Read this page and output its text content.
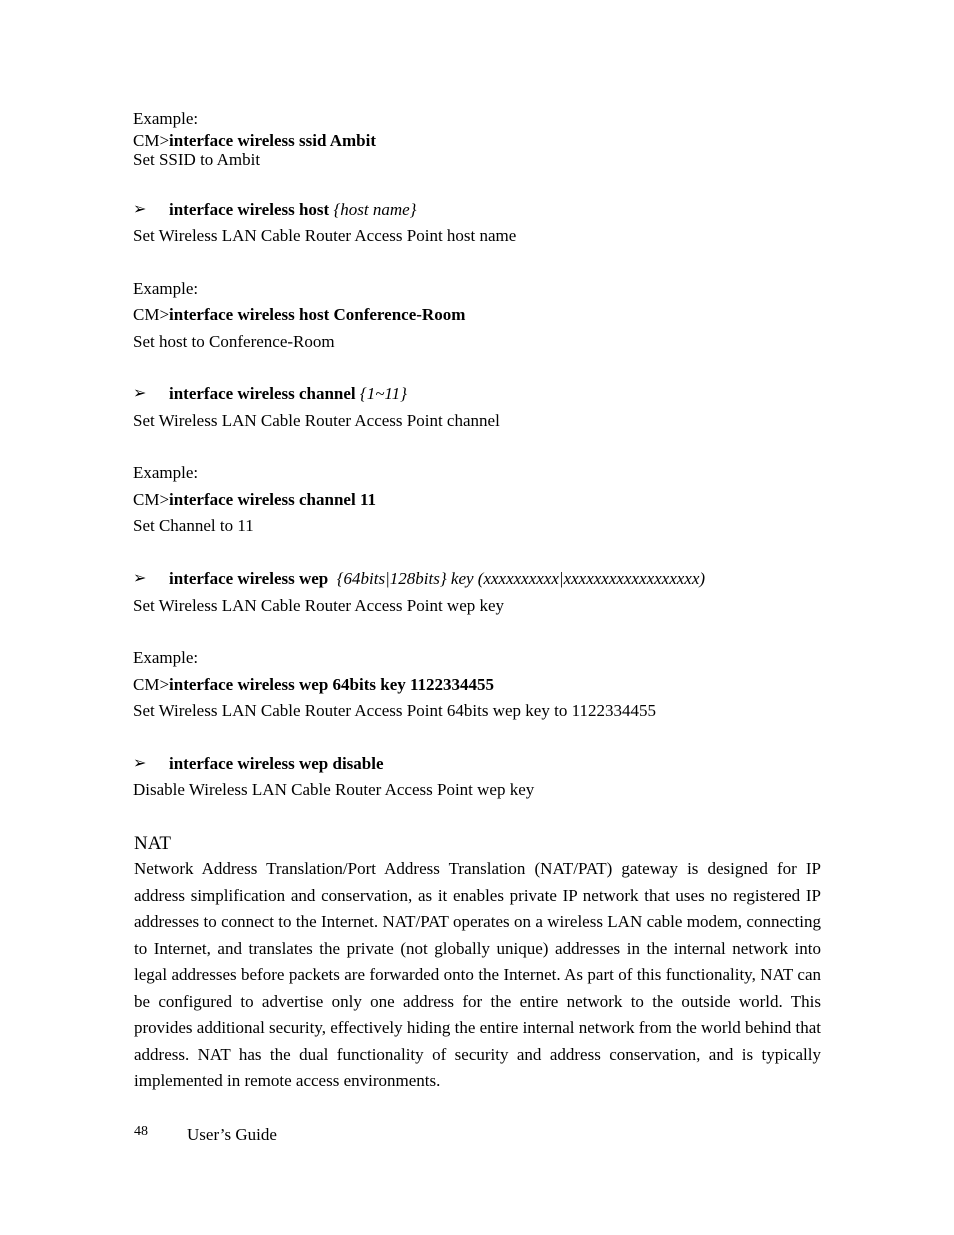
Example:
CM>interface wireless ssid Ambit
Set SSID to Ambit
➢ interface wireless host {host name}
Set Wireless LAN Cable Router Access Point host name
Example:
CM>interface wireless host Conference-Room
Set host to Conference-Room
➢ interface wireless channel {1~11}
Set Wireless LAN Cable Router Access Point channel
Example:
CM>interface wireless channel 11
Set Channel to 11
➢ interface wireless wep {64bits|128bits} key (xxxxxxxxxx|xxxxxxxxxxxxxxxxxx)
Set Wireless LAN Cable Router Access Point wep key
Example:
CM>interface wireless wep 64bits key 1122334455
Set Wireless LAN Cable Router Access Point 64bits wep key to 1122334455
➢ interface wireless wep disable
Disable Wireless LAN Cable Router Access Point wep key
NAT
Network Address Translation/Port Address Translation (NAT/PAT) gateway is designed for IP address simplification and conservation, as it enables private IP network that uses no registered IP addresses to connect to the Internet. NAT/PAT operates on a wireless LAN cable modem, connecting to Internet, and translates the private (not globally unique) addresses in the internal network into legal addresses before packets are forwarded onto the Internet. As part of this functionality, NAT can be configured to advertise only one address for the entire network to the outside world. This provides additional security, effectively hiding the entire internal network from the world behind that address. NAT has the dual functionality of security and address conservation, and is typically implemented in remote access environments.
48 User’s Guide
